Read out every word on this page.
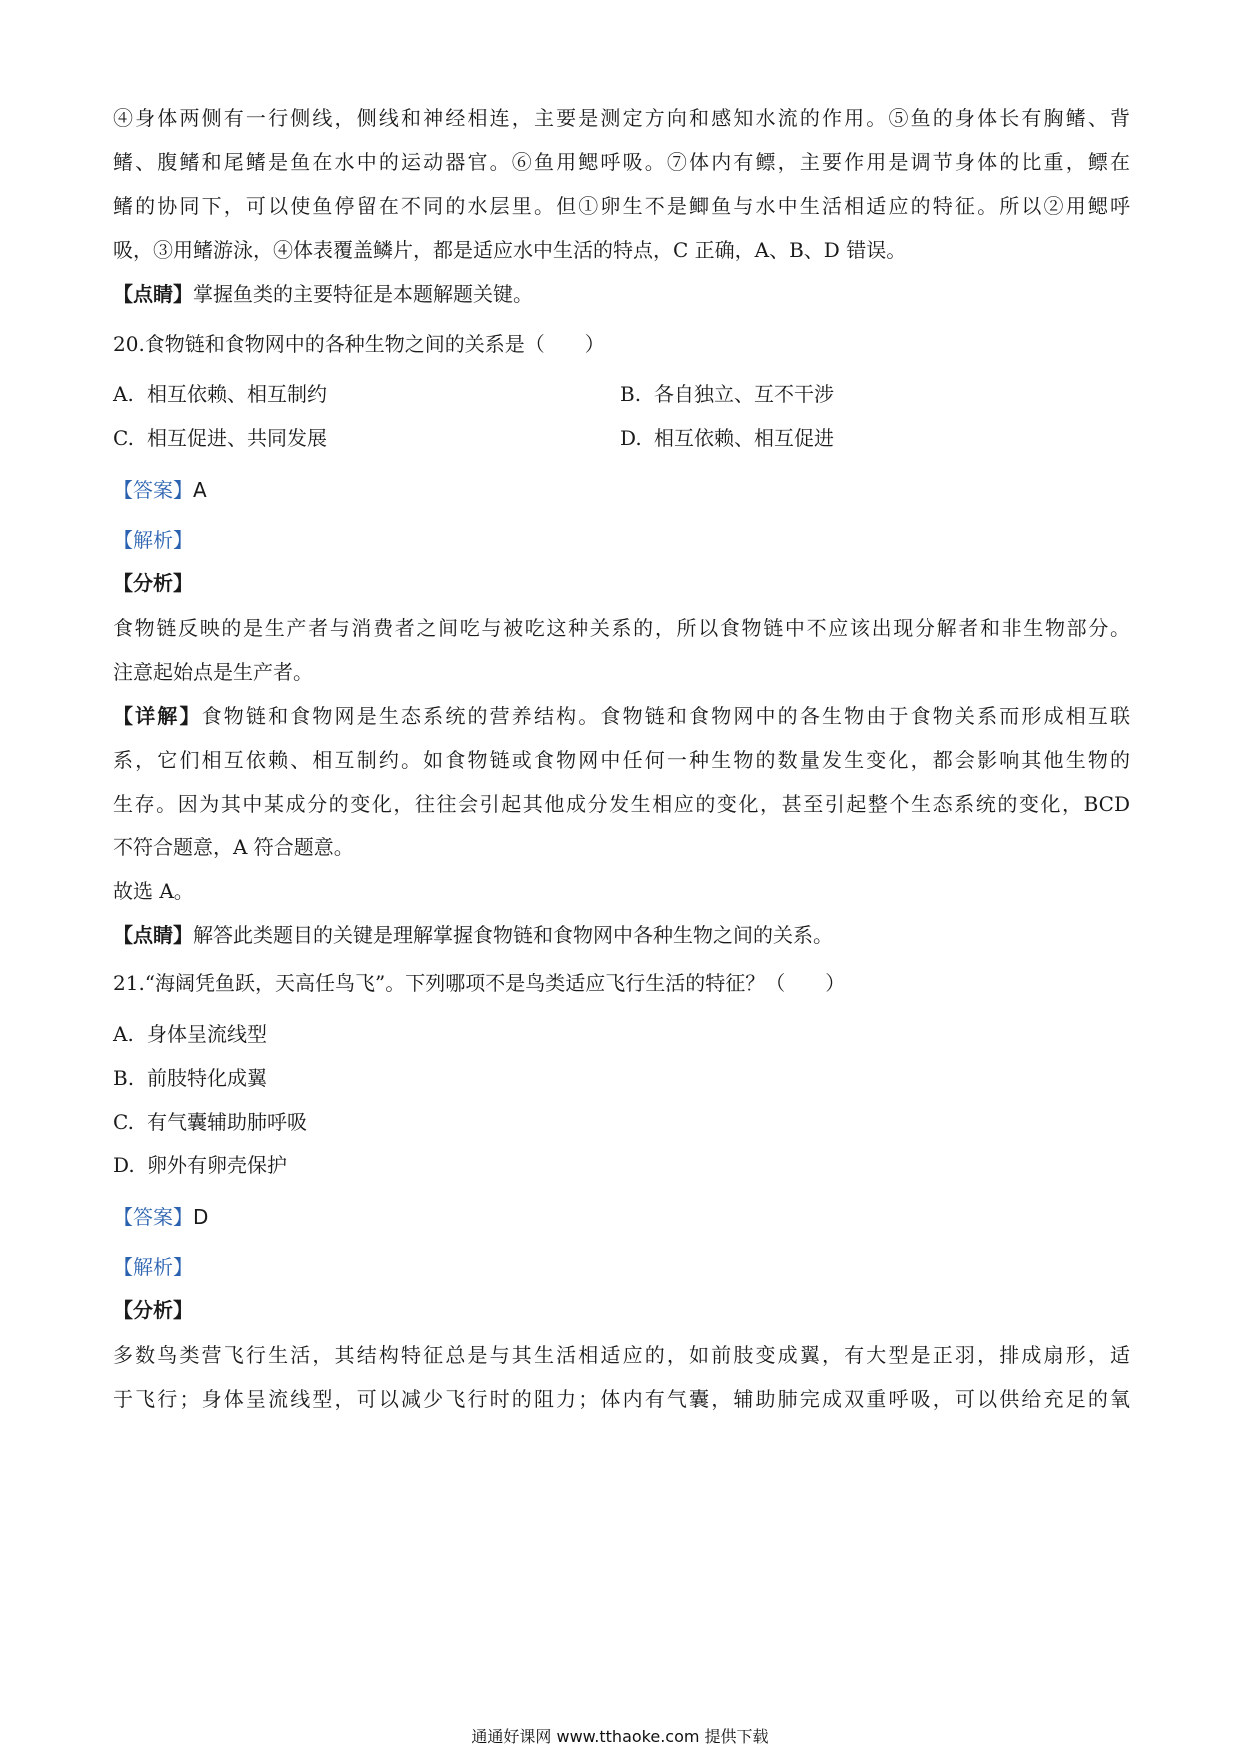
④身体两侧有一行侧线，侧线和神经相连，主要是测定方向和感知水流的作用。⑤鱼的身体长有胸鳍、背
鳍、腹鳍和尾鳍是鱼在水中的运动器官。⑥鱼用鳃呼吸。⑦体内有鳔，主要作用是调节身体的比重，鳔在
鳍的协同下，可以使鱼停留在不同的水层里。但①卵生不是鲫鱼与水中生活相适应的特征。所以②用鳃呼
吸，③用鳍游泳，④体表覆盖鳞片，都是适应水中生活的特点，C 正确，A、B、D 错误。
【点睛】掌握鱼类的主要特征是本题解题关键。
20.食物链和食物网中的各种生物之间的关系是（　　）
A. 相互依赖、相互制约	B. 各自独立、互不干涉
C. 相互促进、共同发展	D. 相互依赖、相互促进
【答案】A
【解析】
【分析】
食物链反映的是生产者与消费者之间吃与被吃这种关系的，所以食物链中不应该出现分解者和非生物部分。
注意起始点是生产者。
【详解】食物链和食物网是生态系统的营养结构。食物链和食物网中的各生物由于食物关系而形成相互联
系，它们相互依赖、相互制约。如食物链或食物网中任何一种生物的数量发生变化，都会影响其他生物的
生存。因为其中某成分的变化，往往会引起其他成分发生相应的变化，甚至引起整个生态系统的变化，BCD
不符合题意，A 符合题意。
故选 A。
【点睛】解答此类题目的关键是理解掌握食物链和食物网中各种生物之间的关系。
21.“海阔凭鱼跃，天高任鸟飞”。下列哪项不是鸟类适应飞行生活的特征？（　　）
A. 身体呈流线型
B. 前肢特化成翼
C. 有气囊辅助肺呼吸
D. 卵外有卵壳保护
【答案】D
【解析】
【分析】
多数鸟类营飞行生活，其结构特征总是与其生活相适应的，如前肢变成翼，有大型是正羽，排成扇形，适
于飞行；身体呈流线型，可以减少飞行时的阻力；体内有气囊，辅助肺完成双重呼吸，可以供给充足的氧
通通好课网 www.tthaoke.com 提供下载
